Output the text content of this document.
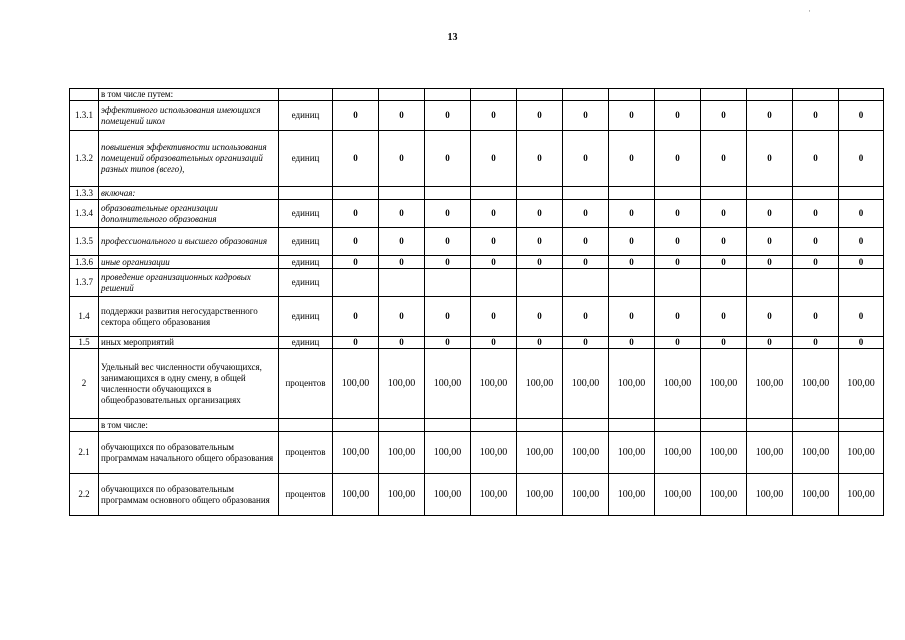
13
·
	в том числе путем:													
1.3.1	эффективного использования имеющихся помещений школ	единиц	0	0	0	0	0	0	0	0	0	0	0	0
1.3.2	повышения эффективности использования помещений образовательных организаций разных типов (всего),	единиц	0	0	0	0	0	0	0	0	0	0	0	0
1.3.3	включая:													
1.3.4	образовательные организации дополнительного образования	единиц	0	0	0	0	0	0	0	0	0	0	0	0
1.3.5	профессионального и высшего образования	единиц	0	0	0	0	0	0	0	0	0	0	0	0
1.3.6	иные организации	единиц	0	0	0	0	0	0	0	0	0	0	0	0
1.3.7	проведение организационных кадровых решений	единиц												
1.4	поддержки развития негосударственного сектора общего образования	единиц	0	0	0	0	0	0	0	0	0	0	0	0
1.5	иных мероприятий	единиц	0	0	0	0	0	0	0	0	0	0	0	0
2	Удельный вес численности обучающихся, занимающихся в одну смену, в общей численности обучающихся в общеобразовательных организациях	процентов	100,00	100,00	100,00	100,00	100,00	100,00	100,00	100,00	100,00	100,00	100,00	100,00
	в том числе:													
2.1	обучающихся по образовательным программам начального общего образования	процентов	100,00	100,00	100,00	100,00	100,00	100,00	100,00	100,00	100,00	100,00	100,00	100,00
2.2	обучающихся по образовательным программам основного общего образования	процентов	100,00	100,00	100,00	100,00	100,00	100,00	100,00	100,00	100,00	100,00	100,00	100,00
